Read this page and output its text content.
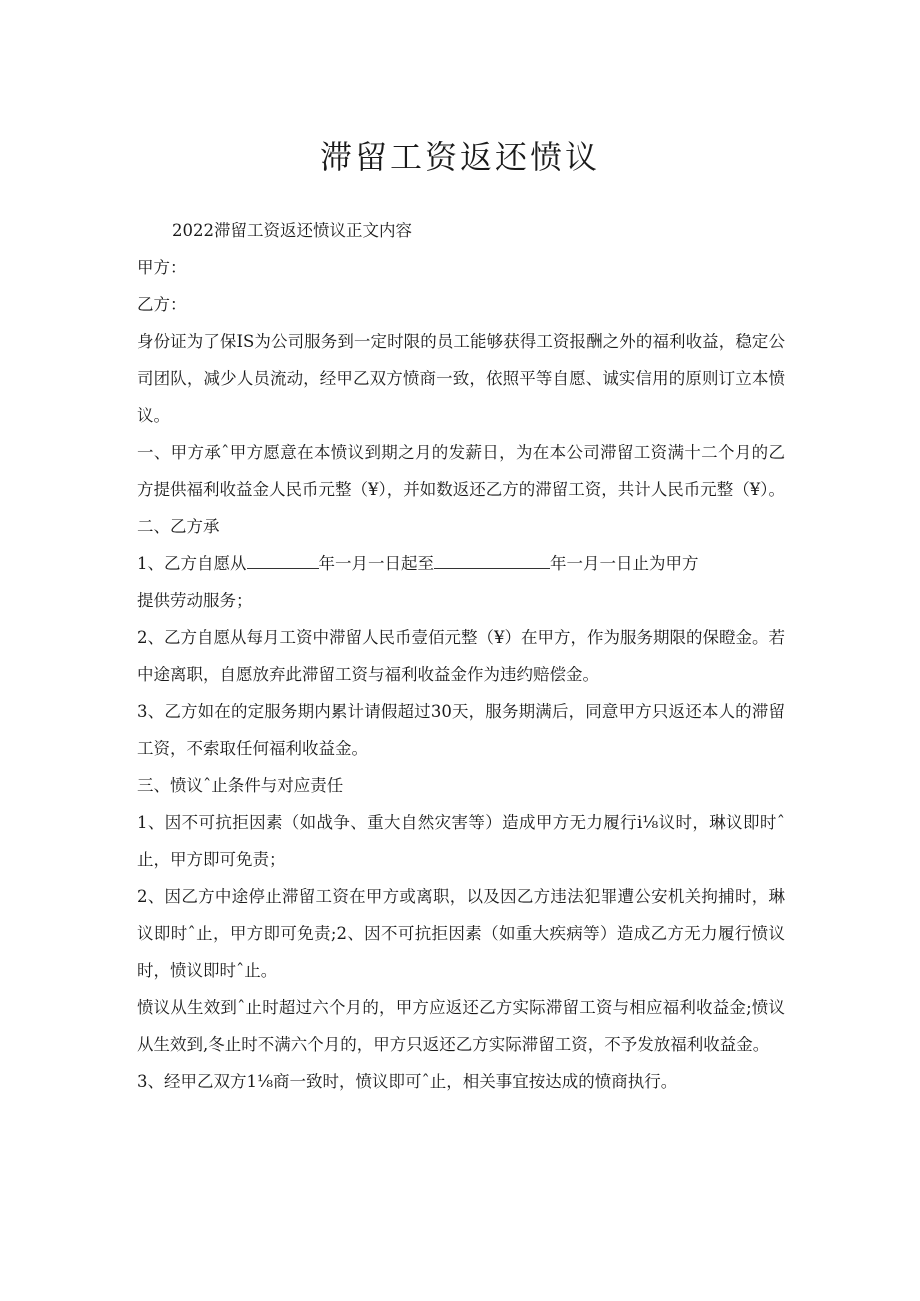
滞留工资返还愤议

2022滞留工资返还愤议正文内容

甲方：

乙方：

身份证为了保IS为公司服务到一定时限的员工能够获得工资报酬之外的福利收益，稳定公司团队，减少人员流动，经甲乙双方愤商一致，依照平等自愿、诚实信用的原则订立本愤议。

一、甲方承ˆ甲方愿意在本愤议到期之月的发薪日，为在本公司滞留工资满十二个月的乙方提供福利收益金人民币元整（¥），并如数返还乙方的滞留工资，共计人民币元整（¥）。

二、乙方承

1、乙方自愿从	年一月一日起至	年一月一日止为甲方

提供劳动服务；

2、乙方自愿从每月工资中滞留人民币壹佰元整（¥）在甲方，作为服务期限的保瞪金。若中途离职，自愿放弃此滞留工资与福利收益金作为违约赔偿金。

3、乙方如在的定服务期内累计请假超过30天，服务期满后，同意甲方只返还本人的滞留工资，不索取任何福利收益金。

三、愤议ˆ止条件与对应责任

1、因不可抗拒因素（如战争、重大自然灾害等）造成甲方无力履行i⅛议时，琳议即时ˆ止，甲方即可免责；

2、因乙方中途停止滞留工资在甲方或离职，以及因乙方违法犯罪遭公安机关拘捕时，琳议即时ˆ止，甲方即可免责;2、因不可抗拒因素（如重大疾病等）造成乙方无力履行愤议时，愤议即时ˆ止。

愤议从生效到ˆ止时超过六个月的，甲方应返还乙方实际滞留工资与相应福利收益金;愤议从生效到,冬止时不满六个月的，甲方只返还乙方实际滞留工资，不予发放福利收益金。

3、经甲乙双方1⅛商一致时，愤议即可ˆ止，相关事宜按达成的愤商执行。
